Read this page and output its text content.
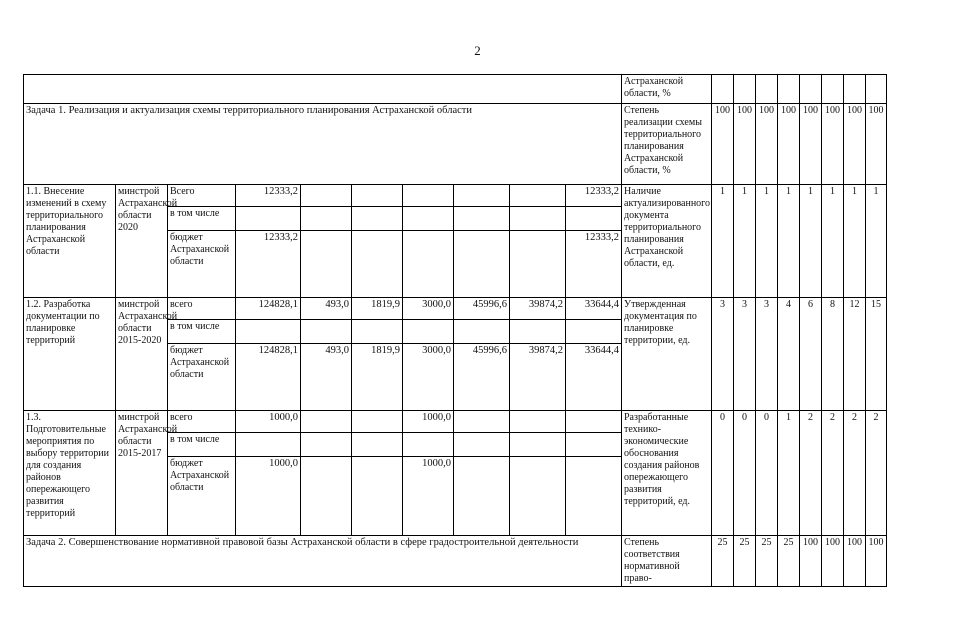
2
										Астраханской области, %								
Задача 1. Реализация и актуализация схемы территориального планирования Астраханской области										Степень реализации схемы территориального планирования Астраханской области, %	100	100	100	100	100	100	100	100
1.1. Внесение изменений в схему территориального планирования Астраханской области	минстрой Астраханской области 2020	Всего	12333,2						12333,2	Наличие актуализированного документа территориального планирования Астраханской области, ед.	1	1	1	1	1	1	1	1
		в том числе																
		бюджет Астраханской области	12333,2						12333,2									
1.2. Разработка документации по планировке территорий	минстрой Астраханской области 2015-2020	всего	124828,1	493,0	1819,9	3000,0	45996,6	39874,2	33644,4	Утвержденная документация по планировке территории, ед.	3	3	3	4	6	8	12	15
		в том числе																
		бюджет Астраханской области	124828,1	493,0	1819,9	3000,0	45996,6	39874,2	33644,4									
1.3. Подготовительные мероприятия по выбору территории для создания районов опережающего развития территорий	минстрой Астраханской области 2015-2017	всего	1000,0			1000,0				Разработанные технико-экономические обоснования создания районов опережающего развития территорий, ед.	0	0	0	1	2	2	2	2
		в том числе																
		бюджет Астраханской области	1000,0			1000,0												
Задача 2. Совершенствование нормативной правовой базы Астраханской области в сфере градостроительной деятельности										Степень соответствия нормативной право-	25	25	25	25	100	100	100	100
